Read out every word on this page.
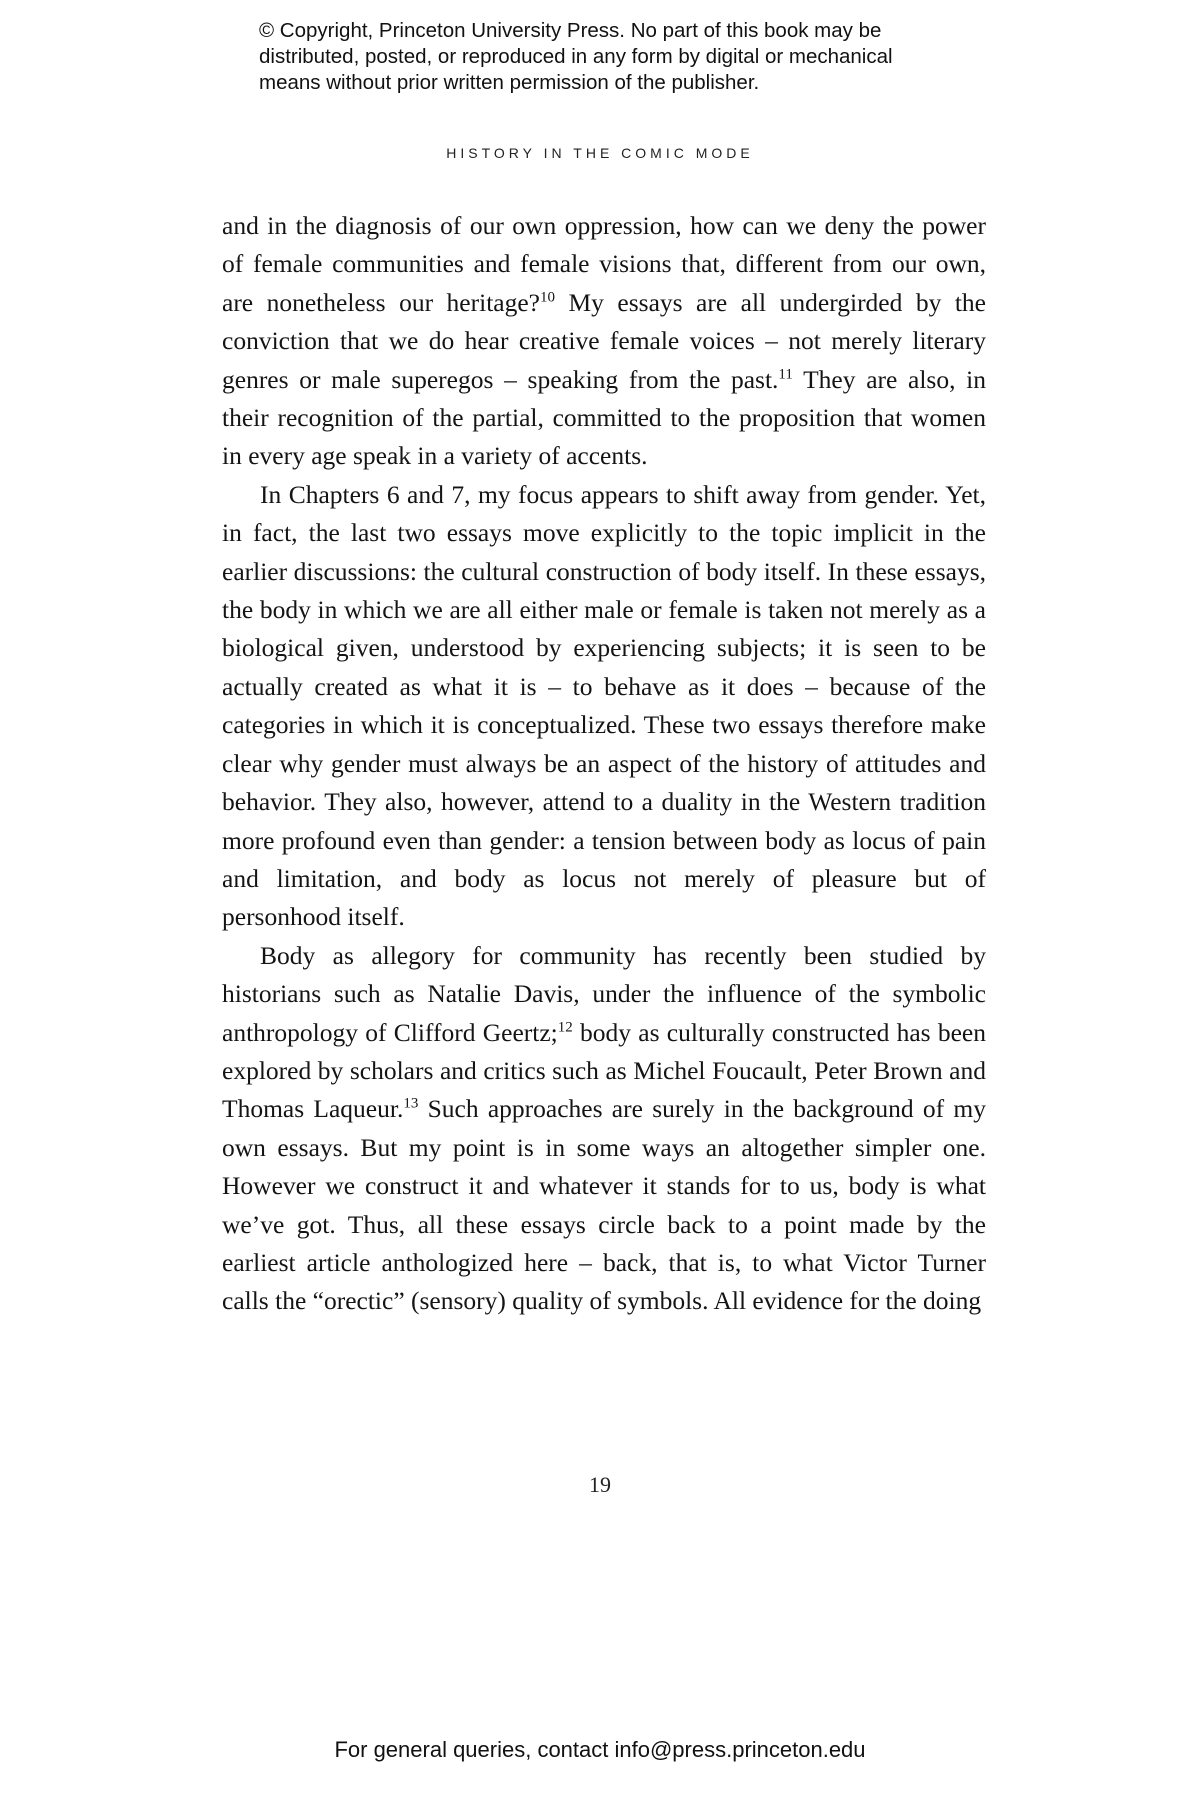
© Copyright, Princeton University Press. No part of this book may be
distributed, posted, or reproduced in any form by digital or mechanical
means without prior written permission of the publisher.
HISTORY IN THE COMIC MODE

and in the diagnosis of our own oppression, how can we deny the power of female communities and female visions that, different from our own, are nonetheless our heritage?$^{10}$ My essays are all undergirded by the conviction that we do hear creative female voices – not merely literary genres or male superegos – speaking from the past.$^{11}$ They are also, in their recognition of the partial, committed to the proposition that women in every age speak in a variety of accents.

In Chapters 6 and 7, my focus appears to shift away from gender. Yet, in fact, the last two essays move explicitly to the topic implicit in the earlier discussions: the cultural construction of body itself. In these essays, the body in which we are all either male or female is taken not merely as a biological given, understood by experiencing subjects; it is seen to be actually created as what it is – to behave as it does – because of the categories in which it is conceptualized. These two essays therefore make clear why gender must always be an aspect of the history of attitudes and behavior. They also, however, attend to a duality in the Western tradition more profound even than gender: a tension between body as locus of pain and limitation, and body as locus not merely of pleasure but of personhood itself.

Body as allegory for community has recently been studied by historians such as Natalie Davis, under the influence of the symbolic anthropology of Clifford Geertz;$^{12}$ body as culturally constructed has been explored by scholars and critics such as Michel Foucault, Peter Brown and Thomas Laqueur.$^{13}$ Such approaches are surely in the background of my own essays. But my point is in some ways an altogether simpler one. However we construct it and whatever it stands for to us, body is what we’ve got. Thus, all these essays circle back to a point made by the earliest article anthologized here – back, that is, to what Victor Turner calls the “orectic” (sensory) quality of symbols. All evidence for the doing

19
For general queries, contact info@press.princeton.edu
